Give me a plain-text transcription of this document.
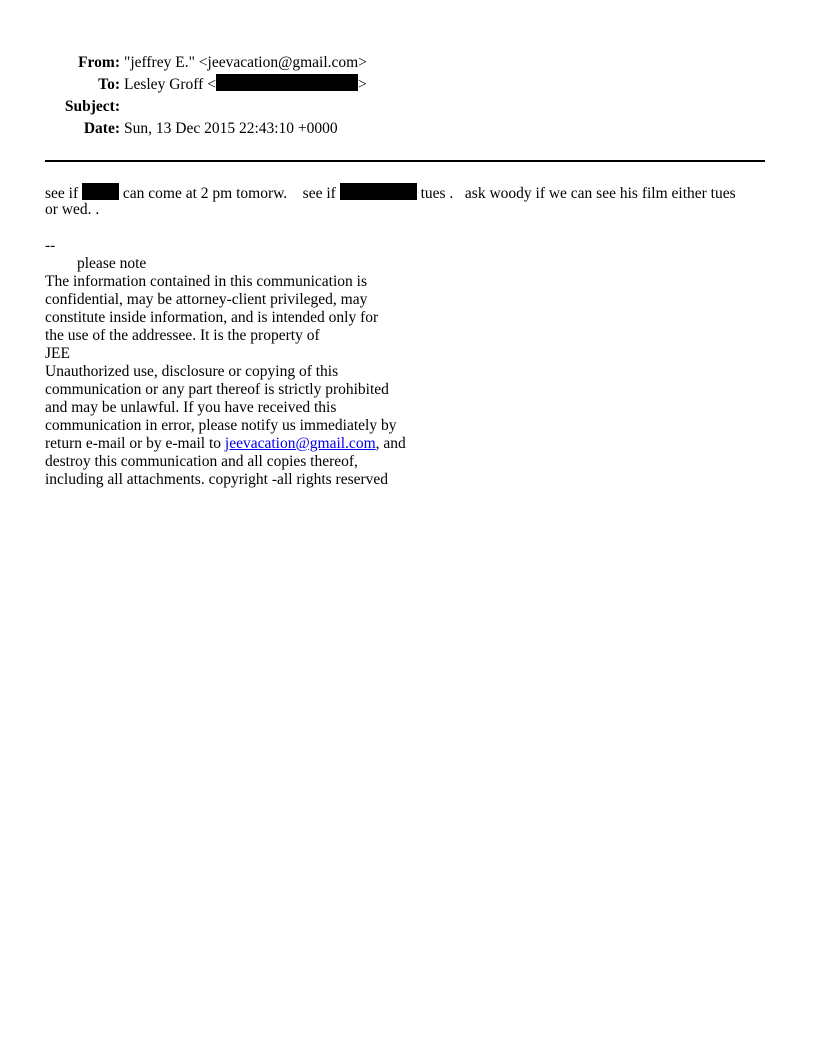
From: "jeffrey E." <jeevacation@gmail.com>
To: Lesley Groff <	>
Subject:
Date: Sun, 13 Dec 2015 22:43:10 +0000
see if  can come at 2 pm tomorw.    see if	tues .   ask woody if we can see his film either tues
or wed. .
--
please note
The information contained in this communication is
confidential, may be attorney-client privileged, may
constitute inside information, and is intended only for
the use of the addressee. It is the property of
JEE
Unauthorized use, disclosure or copying of this
communication or any part thereof is strictly prohibited
and may be unlawful. If you have received this
communication in error, please notify us immediately by
return e-mail or by e-mail to jeevacation@gmail.com, and
destroy this communication and all copies thereof,
including all attachments. copyright -all rights reserved
